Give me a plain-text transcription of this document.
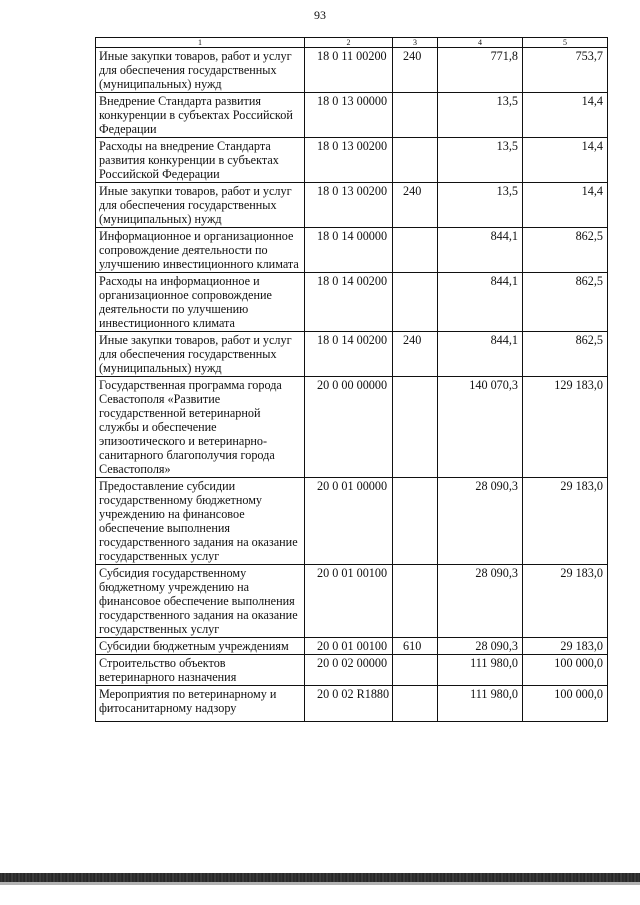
93
1	2	3	4	5
Иные закупки товаров, работ и услуг для обеспечения государственных (муниципальных) нужд	18 0 11 00200	240	771,8	753,7
Внедрение Стандарта развития конкуренции в субъектах Российской Федерации	18 0 13 00000		13,5	14,4
Расходы на внедрение Стандарта развития конкуренции в субъектах Российской Федерации	18 0 13 00200		13,5	14,4
Иные закупки товаров, работ и услуг для обеспечения государственных (муниципальных) нужд	18 0 13 00200	240	13,5	14,4
Информационное и организационное сопровождение деятельности по улучшению инвестиционного климата	18 0 14 00000		844,1	862,5
Расходы на информационное и организационное сопровождение деятельности по улучшению инвестиционного климата	18 0 14 00200		844,1	862,5
Иные закупки товаров, работ и услуг для обеспечения государственных (муниципальных) нужд	18 0 14 00200	240	844,1	862,5
Государственная программа города Севастополя «Развитие государственной ветеринарной службы и обеспечение эпизоотического и ветеринарно-санитарного благополучия города Севастополя»	20 0 00 00000		140 070,3	129 183,0
Предоставление субсидии государственному бюджетному учреждению на финансовое обеспечение выполнения государственного задания на оказание государственных услуг	20 0 01 00000		28 090,3	29 183,0
Субсидия государственному бюджетному учреждению на финансовое обеспечение выполнения государственного задания на оказание государственных услуг	20 0 01 00100		28 090,3	29 183,0
Субсидии бюджетным учреждениям	20 0 01 00100	610	28 090,3	29 183,0
Строительство объектов ветеринарного назначения	20 0 02 00000		111 980,0	100 000,0
Мероприятия по ветеринарному и фитосанитарному надзору	20 0 02 R1880		111 980,0	100 000,0
